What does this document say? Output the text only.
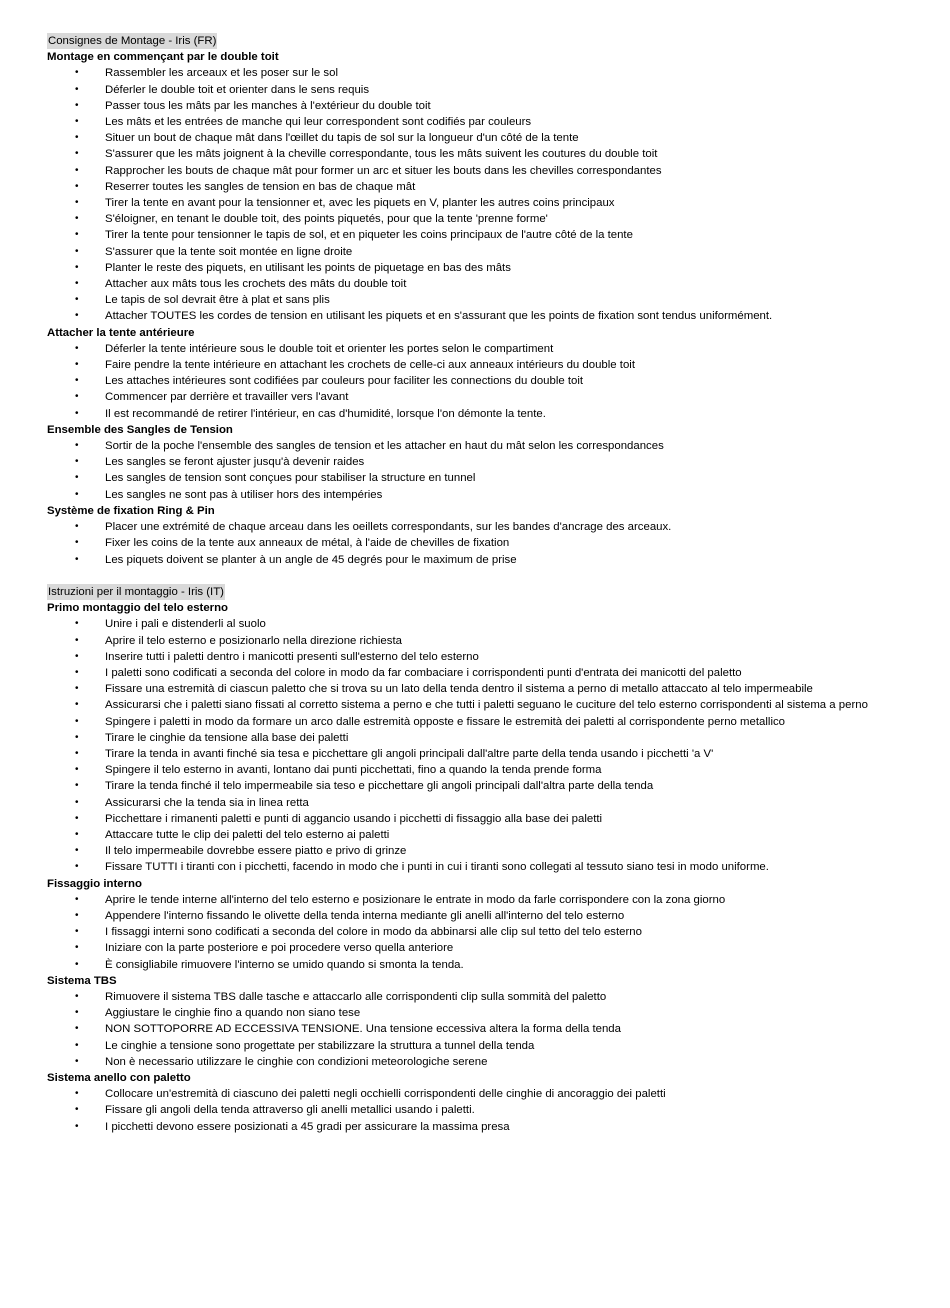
Consignes de Montage - Iris (FR)
Montage en commençant par le double toit
• Rassembler les arceaux et les poser sur le sol
• Déferler le double toit et orienter dans le sens requis
• Passer tous les mâts par les manches à l'extérieur du double toit
• Les mâts et les entrées de manche qui leur correspondent sont codifiés par couleurs
• Situer un bout de chaque mât dans l'œillet du tapis de sol sur la longueur d'un côté de la tente
• S'assurer que les mâts joignent à la cheville correspondante, tous les mâts suivent les coutures du double toit
• Rapprocher les bouts de chaque mât pour former un arc et situer les bouts dans les chevilles correspondantes
• Reserrer toutes les sangles de tension en bas de chaque mât
• Tirer la tente en avant pour la tensionner et, avec les piquets en V, planter les autres coins principaux
• S'éloigner, en tenant le double toit, des points piquetés, pour que la tente 'prenne forme'
• Tirer la tente pour tensionner le tapis de sol, et en piqueter les coins principaux de l'autre côté de la tente
• S'assurer que la tente soit montée en ligne droite
• Planter le reste des piquets, en utilisant les points de piquetage en bas des mâts
• Attacher aux mâts tous les crochets des mâts du double toit
• Le tapis de sol devrait être à plat et sans plis
• Attacher TOUTES les cordes de tension en utilisant les piquets et en s'assurant que les points de fixation sont tendus uniformément.
Attacher la tente antérieure
• Déferler la tente intérieure sous le double toit et orienter les portes selon le compartiment
• Faire pendre la tente intérieure en attachant les crochets de celle-ci aux anneaux intérieurs du double toit
• Les attaches intérieures sont codifiées par couleurs pour faciliter les connections du double toit
• Commencer par derrière et travailler vers l'avant
• Il est recommandé de retirer l'intérieur, en cas d'humidité, lorsque l'on démonte la tente.
Ensemble des Sangles de Tension
• Sortir de la poche l'ensemble des sangles de tension et les attacher en haut du mât selon les correspondances
• Les sangles se feront ajuster jusqu'à devenir raides
• Les sangles de tension sont conçues pour stabiliser la structure en tunnel
• Les sangles ne sont pas à utiliser hors des intempéries
Système de fixation Ring & Pin
• Placer une extrémité de chaque arceau dans les oeillets correspondants, sur les bandes d'ancrage des arceaux.
• Fixer les coins de la tente aux anneaux de métal, à l'aide de chevilles de fixation
• Les piquets doivent se planter à un angle de 45 degrés pour le maximum de prise
Istruzioni per il montaggio - Iris (IT)
Primo montaggio del telo esterno
• Unire i pali e distenderli al suolo
• Aprire il telo esterno e posizionarlo nella direzione richiesta
• Inserire tutti i paletti dentro i manicotti presenti sull'esterno del telo esterno
• I paletti sono codificati a seconda del colore in modo da far combaciare i corrispondenti punti d'entrata dei manicotti del paletto
• Fissare una estremità di ciascun paletto che si trova su un lato della tenda dentro il sistema a perno di metallo attaccato al telo impermeabile
• Assicurarsi che i paletti siano fissati al corretto sistema a perno e che tutti i paletti seguano le cuciture del telo esterno corrispondenti al sistema a perno
• Spingere i paletti in modo da formare un arco dalle estremità opposte e fissare le estremità dei paletti al corrispondente perno metallico
• Tirare le cinghie da tensione alla base dei paletti
• Tirare la tenda in avanti finché sia tesa e picchettare gli angoli principali dall'altre parte della tenda usando i picchetti 'a V'
• Spingere il telo esterno in avanti, lontano dai punti picchettati, fino a quando la tenda prende forma
• Tirare la tenda finché il telo impermeabile sia teso e picchettare gli angoli principali dall'altra parte della tenda
• Assicurarsi che la tenda sia in linea retta
• Picchettare i rimanenti paletti e punti di aggancio usando i picchetti di fissaggio alla base dei paletti
• Attaccare tutte le clip dei paletti del telo esterno ai paletti
• Il telo impermeabile dovrebbe essere piatto e privo di grinze
• Fissare TUTTI i tiranti con i picchetti, facendo in modo che i punti in cui i tiranti sono collegati al tessuto siano tesi in modo uniforme.
Fissaggio interno
• Aprire le tende interne all'interno del telo esterno e posizionare le entrate in modo da farle corrispondere con la zona giorno
• Appendere l'interno fissando le olivette della tenda interna mediante gli anelli all'interno del telo esterno
• I fissaggi interni sono codificati a seconda del colore in modo da abbinarsi alle clip sul tetto del telo esterno
• Iniziare con la parte posteriore e poi procedere verso quella anteriore
• È consigliabile rimuovere l'interno se umido quando si smonta la tenda.
Sistema TBS
• Rimuovere il sistema TBS dalle tasche e attaccarlo alle corrispondenti clip sulla sommità del paletto
• Aggiustare le cinghie fino a quando non siano tese
• NON SOTTOPORRE AD ECCESSIVA TENSIONE. Una tensione eccessiva altera la forma della tenda
• Le cinghie a tensione sono progettate per stabilizzare la struttura a tunnel della tenda
• Non è necessario utilizzare le cinghie con condizioni meteorologiche serene
Sistema anello con paletto
• Collocare un'estremità di ciascuno dei paletti negli occhielli corrispondenti delle cinghie di ancoraggio dei paletti
• Fissare gli angoli della tenda attraverso gli anelli metallici usando i paletti.
• I picchetti devono essere posizionati a 45 gradi per assicurare la massima presa
